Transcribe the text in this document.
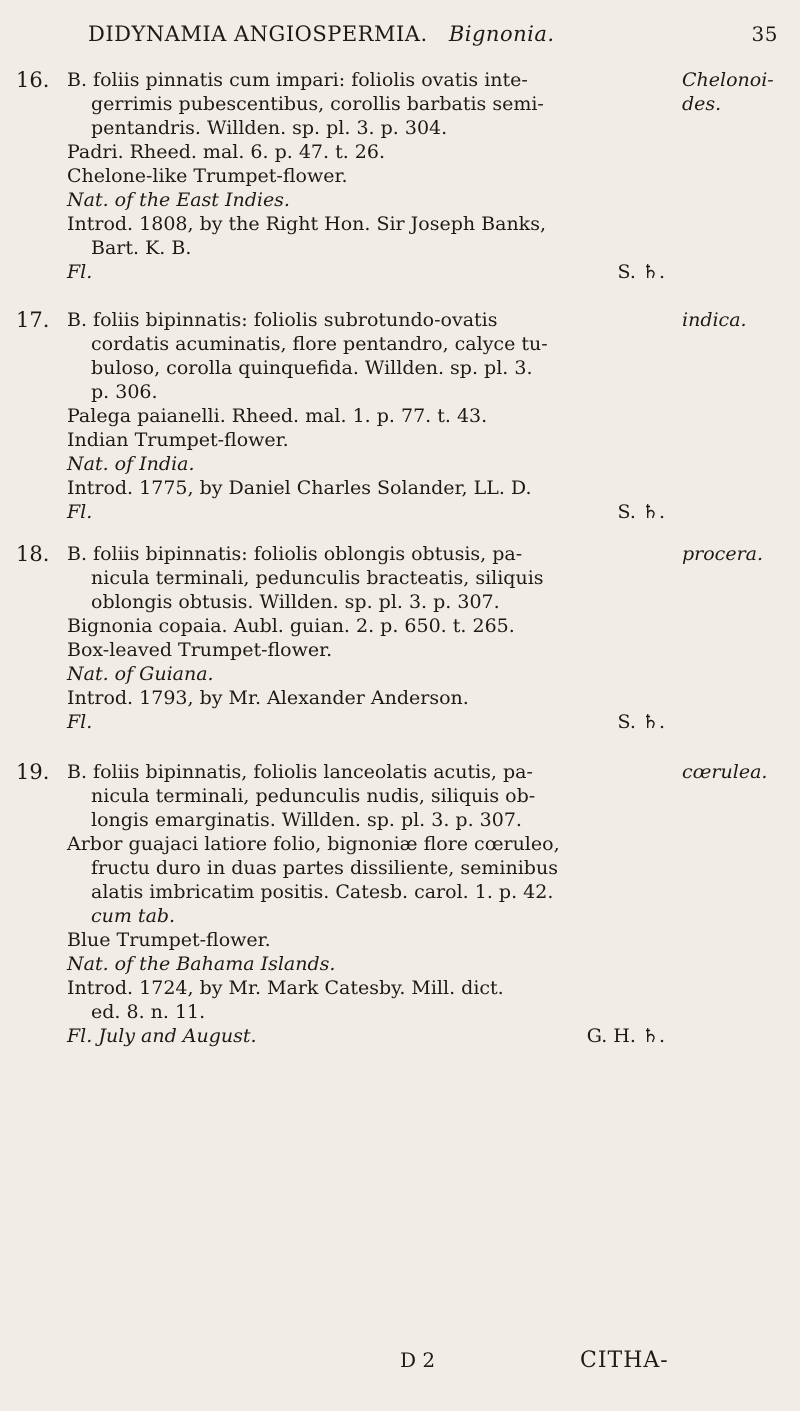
DIDYNAMIA ANGIOSPERMIA. Bignonia.	35
16. B. foliis pinnatis cum impari: foliolis ovatis inte-
gerrimis pubescentibus, corollis barbatis semi-
pentandris. Willden. sp. pl. 3. p. 304.
Padri. Rheed. mal. 6. p. 47. t. 26.
Chelone-like Trumpet-flower.
Nat. of the East Indies.
Introd. 1808, by the Right Hon. Sir Joseph Banks,
Bart. K. B.
Fl.	S. ♄.
Chelonoi-
des.
17. B. foliis bipinnatis: foliolis subrotundo-ovatis
cordatis acuminatis, flore pentandro, calyce tu-
buloso, corolla quinquefida. Willden. sp. pl. 3.
p. 306.
Palega paianelli. Rheed. mal. 1. p. 77. t. 43.
Indian Trumpet-flower.
Nat. of India.
Introd. 1775, by Daniel Charles Solander, LL. D.
Fl.	S. ♄.
indica.
18. B. foliis bipinnatis: foliolis oblongis obtusis, pa-
nicula terminali, pedunculis bracteatis, siliquis
oblongis obtusis. Willden. sp. pl. 3. p. 307.
Bignonia copaia. Aubl. guian. 2. p. 650. t. 265.
Box-leaved Trumpet-flower.
Nat. of Guiana.
Introd. 1793, by Mr. Alexander Anderson.
Fl.	S. ♄.
procera.
19. B. foliis bipinnatis, foliolis lanceolatis acutis, pa-
nicula terminali, pedunculis nudis, siliquis ob-
longis emarginatis. Willden. sp. pl. 3. p. 307.
Arbor guajaci latiore folio, bignoniæ flore cœruleo,
fructu duro in duas partes dissiliente, seminibus
alatis imbricatim positis. Catesb. carol. 1. p. 42.
cum tab.
Blue Trumpet-flower.
Nat. of the Bahama Islands.
Introd. 1724, by Mr. Mark Catesby. Mill. dict.
ed. 8. n. 11.
Fl. July and August.	G. H. ♄.
cœrulea.
D 2	CITHA-
